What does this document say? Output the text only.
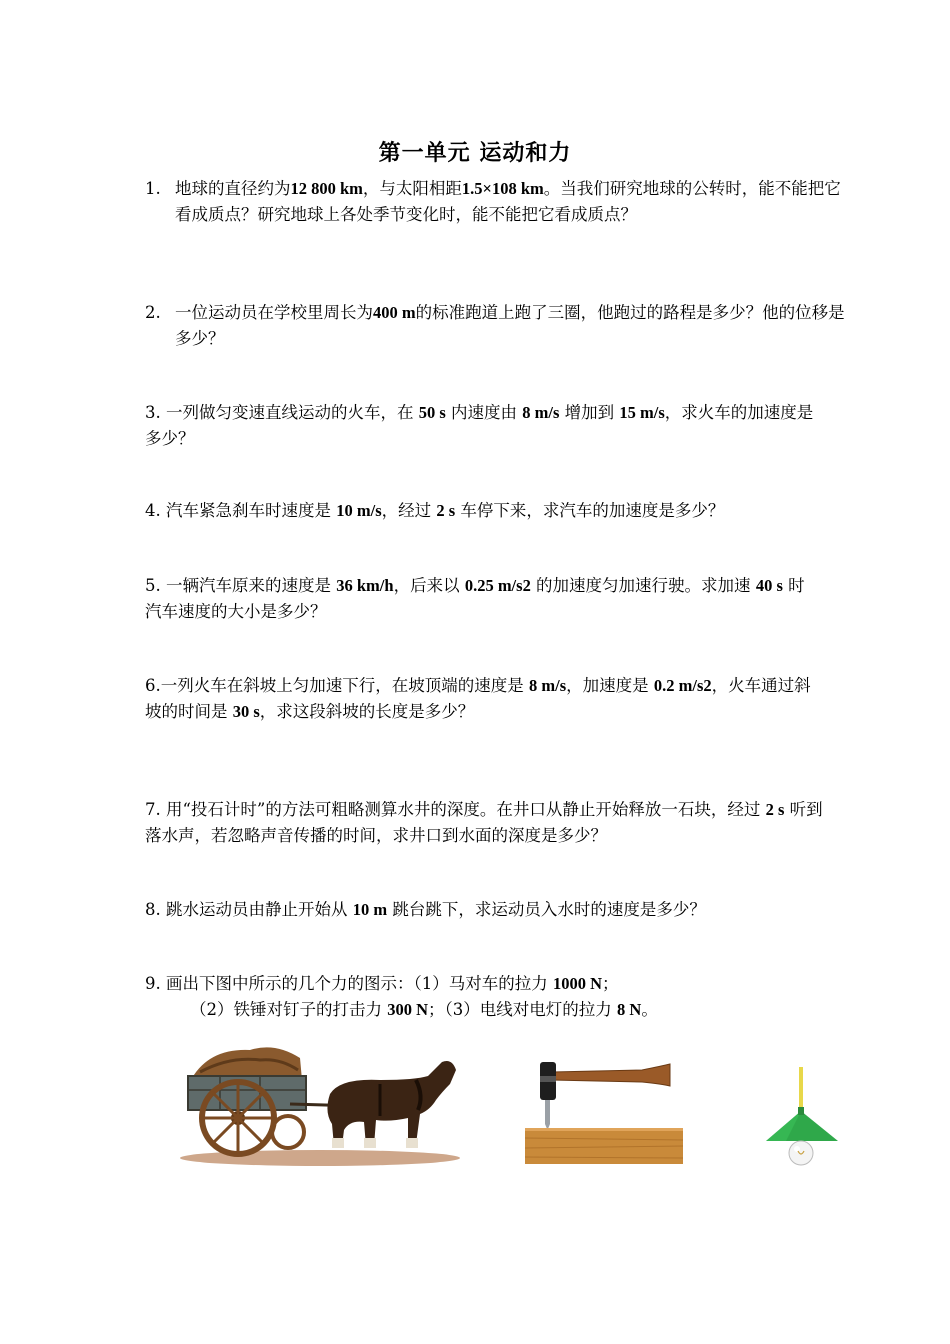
第一单元 运动和力
1. 地球的直径约为12 800 km，与太阳相距1.5×108 km。当我们研究地球的公转时，能不能把它看成质点？研究地球上各处季节变化时，能不能把它看成质点？
2. 一位运动员在学校里周长为400 m的标准跑道上跑了三圈，他跑过的路程是多少？他的位移是多少？
3. 一列做匀变速直线运动的火车，在 50 s 内速度由 8 m/s 增加到 15 m/s，求火车的加速度是多少？
4. 汽车紧急刹车时速度是 10 m/s，经过 2 s 车停下来，求汽车的加速度是多少？
5. 一辆汽车原来的速度是 36 km/h，后来以 0.25 m/s2 的加速度匀加速行驶。求加速 40 s 时汽车速度的大小是多少？
6.一列火车在斜坡上匀加速下行，在坡顶端的速度是 8 m/s，加速度是 0.2 m/s2，火车通过斜坡的时间是 30 s，求这段斜坡的长度是多少？
7. 用“投石计时”的方法可粗略测算水井的深度。在井口从静止开始释放一石块，经过 2 s 听到落水声，若忽略声音传播的时间，求井口到水面的深度是多少？
8. 跳水运动员由静止开始从 10 m 跳台跳下，求运动员入水时的速度是多少？
9. 画出下图中所示的几个力的图示：（1）马对车的拉力 1000 N；
（2）铁锤对钉子的打击力 300 N；（3）电线对电灯的拉力 8 N。
